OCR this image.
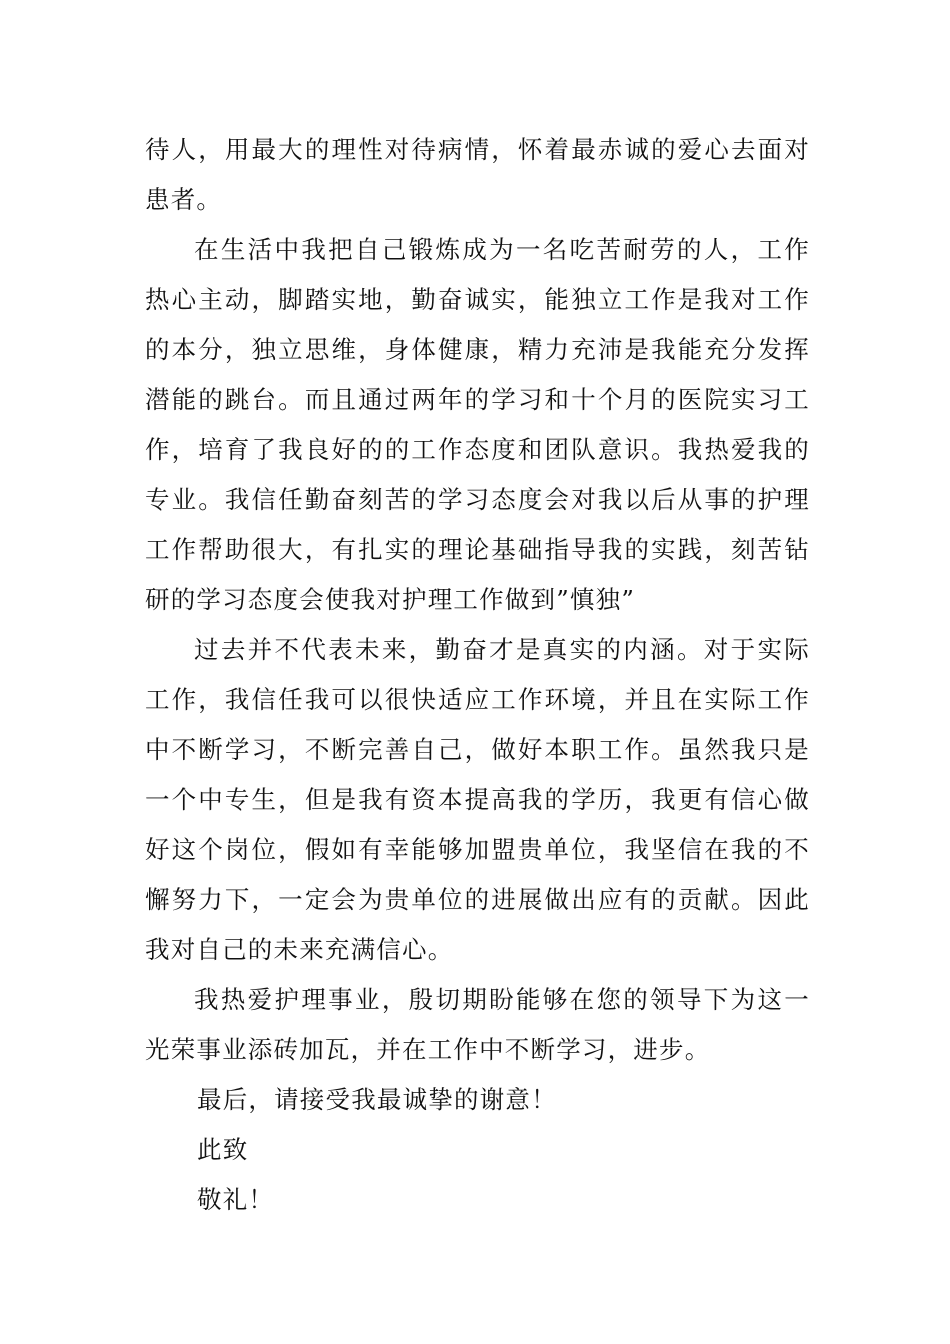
待人，用最大的理性对待病情，怀着最赤诚的爱心去面对患者。

在生活中我把自己锻炼成为一名吃苦耐劳的人，工作热心主动，脚踏实地，勤奋诚实，能独立工作是我对工作的本分，独立思维，身体健康，精力充沛是我能充分发挥潜能的跳台。而且通过两年的学习和十个月的医院实习工作，培育了我良好的的工作态度和团队意识。我热爱我的专业。我信任勤奋刻苦的学习态度会对我以后从事的护理工作帮助很大，有扎实的理论基础指导我的实践，刻苦钻研的学习态度会使我对护理工作做到”慎独”

过去并不代表未来，勤奋才是真实的内涵。对于实际工作，我信任我可以很快适应工作环境，并且在实际工作中不断学习，不断完善自己，做好本职工作。虽然我只是一个中专生，但是我有资本提高我的学历，我更有信心做好这个岗位，假如有幸能够加盟贵单位，我坚信在我的不懈努力下，一定会为贵单位的进展做出应有的贡献。因此我对自己的未来充满信心。

我热爱护理事业，殷切期盼能够在您的领导下为这一光荣事业添砖加瓦，并在工作中不断学习，进步。

最后，请接受我最诚挚的谢意！

此致

敬礼！
